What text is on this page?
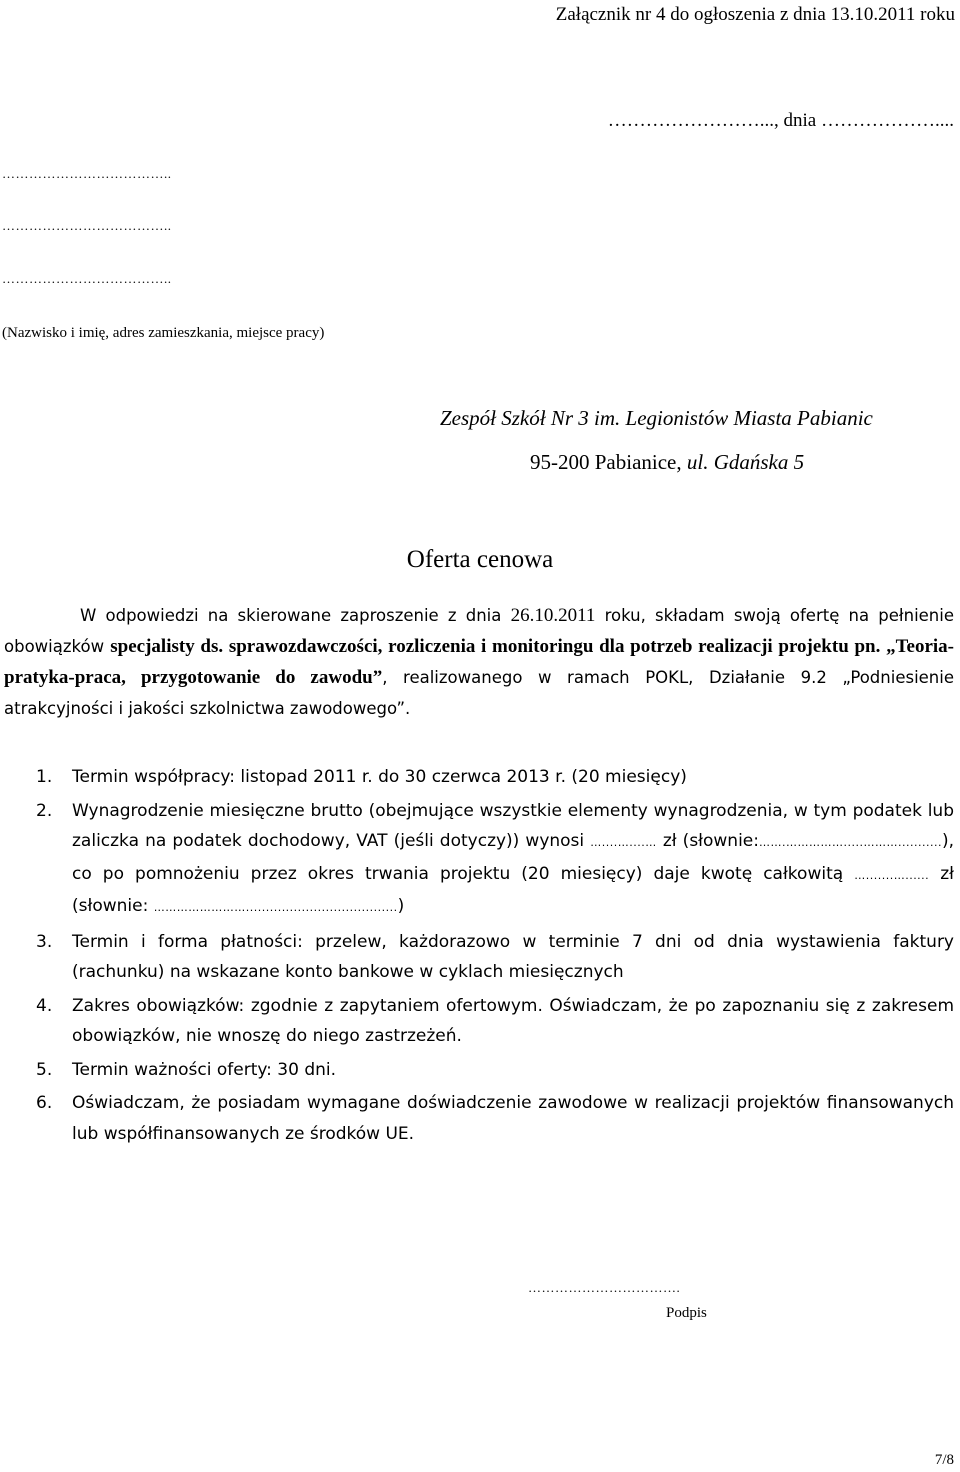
Załącznik nr 4 do ogłoszenia z dnia 13.10.2011 roku
……………………..., dnia ………………....
………………………………..
………………………………..
………………………………..
(Nazwisko i imię, adres zamieszkania, miejsce pracy)
Zespół Szkół Nr 3 im. Legionistów Miasta Pabianic
95-200 Pabianice, ul. Gdańska 5
Oferta cenowa
W odpowiedzi na skierowane zaproszenie z dnia 26.10.2011 roku, składam swoją ofertę na pełnienie obowiązków specjalisty ds. sprawozdawczości, rozliczenia i monitoringu dla potrzeb realizacji projektu pn. „Teoria-pratyka-praca, przygotowanie do zawodu”, realizowanego w ramach POKL, Działanie 9.2 „Podniesienie atrakcyjności i jakości szkolnictwa zawodowego”.
1.	Termin współpracy: listopad 2011 r. do 30 czerwca 2013 r. (20 miesięcy)
2.	Wynagrodzenie miesięczne brutto (obejmujące wszystkie elementy wynagrodzenia, w tym podatek lub zaliczka na podatek dochodowy, VAT (jeśli dotyczy)) wynosi …....…....… zł (słownie:…….…………….....………...........), co po pomnożeniu przez okres trwania projektu (20 miesięcy) daje kwotę całkowitą ….......…...... zł (słownie: ……………………......................................)
3.	Termin i forma płatności: przelew, każdorazowo w terminie 7 dni od dnia wystawienia faktury (rachunku) na wskazane konto bankowe w cyklach miesięcznych
4.	Zakres obowiązków: zgodnie z zapytaniem ofertowym. Oświadczam, że po zapoznaniu się z zakresem obowiązków, nie wnoszę do niego zastrzeżeń.
5.	Termin ważności oferty: 30 dni.
6.	Oświadczam, że posiadam wymagane doświadczenie zawodowe w realizacji projektów finansowanych lub współfinansowanych ze środków UE.
…………………………….
Podpis
7/8
